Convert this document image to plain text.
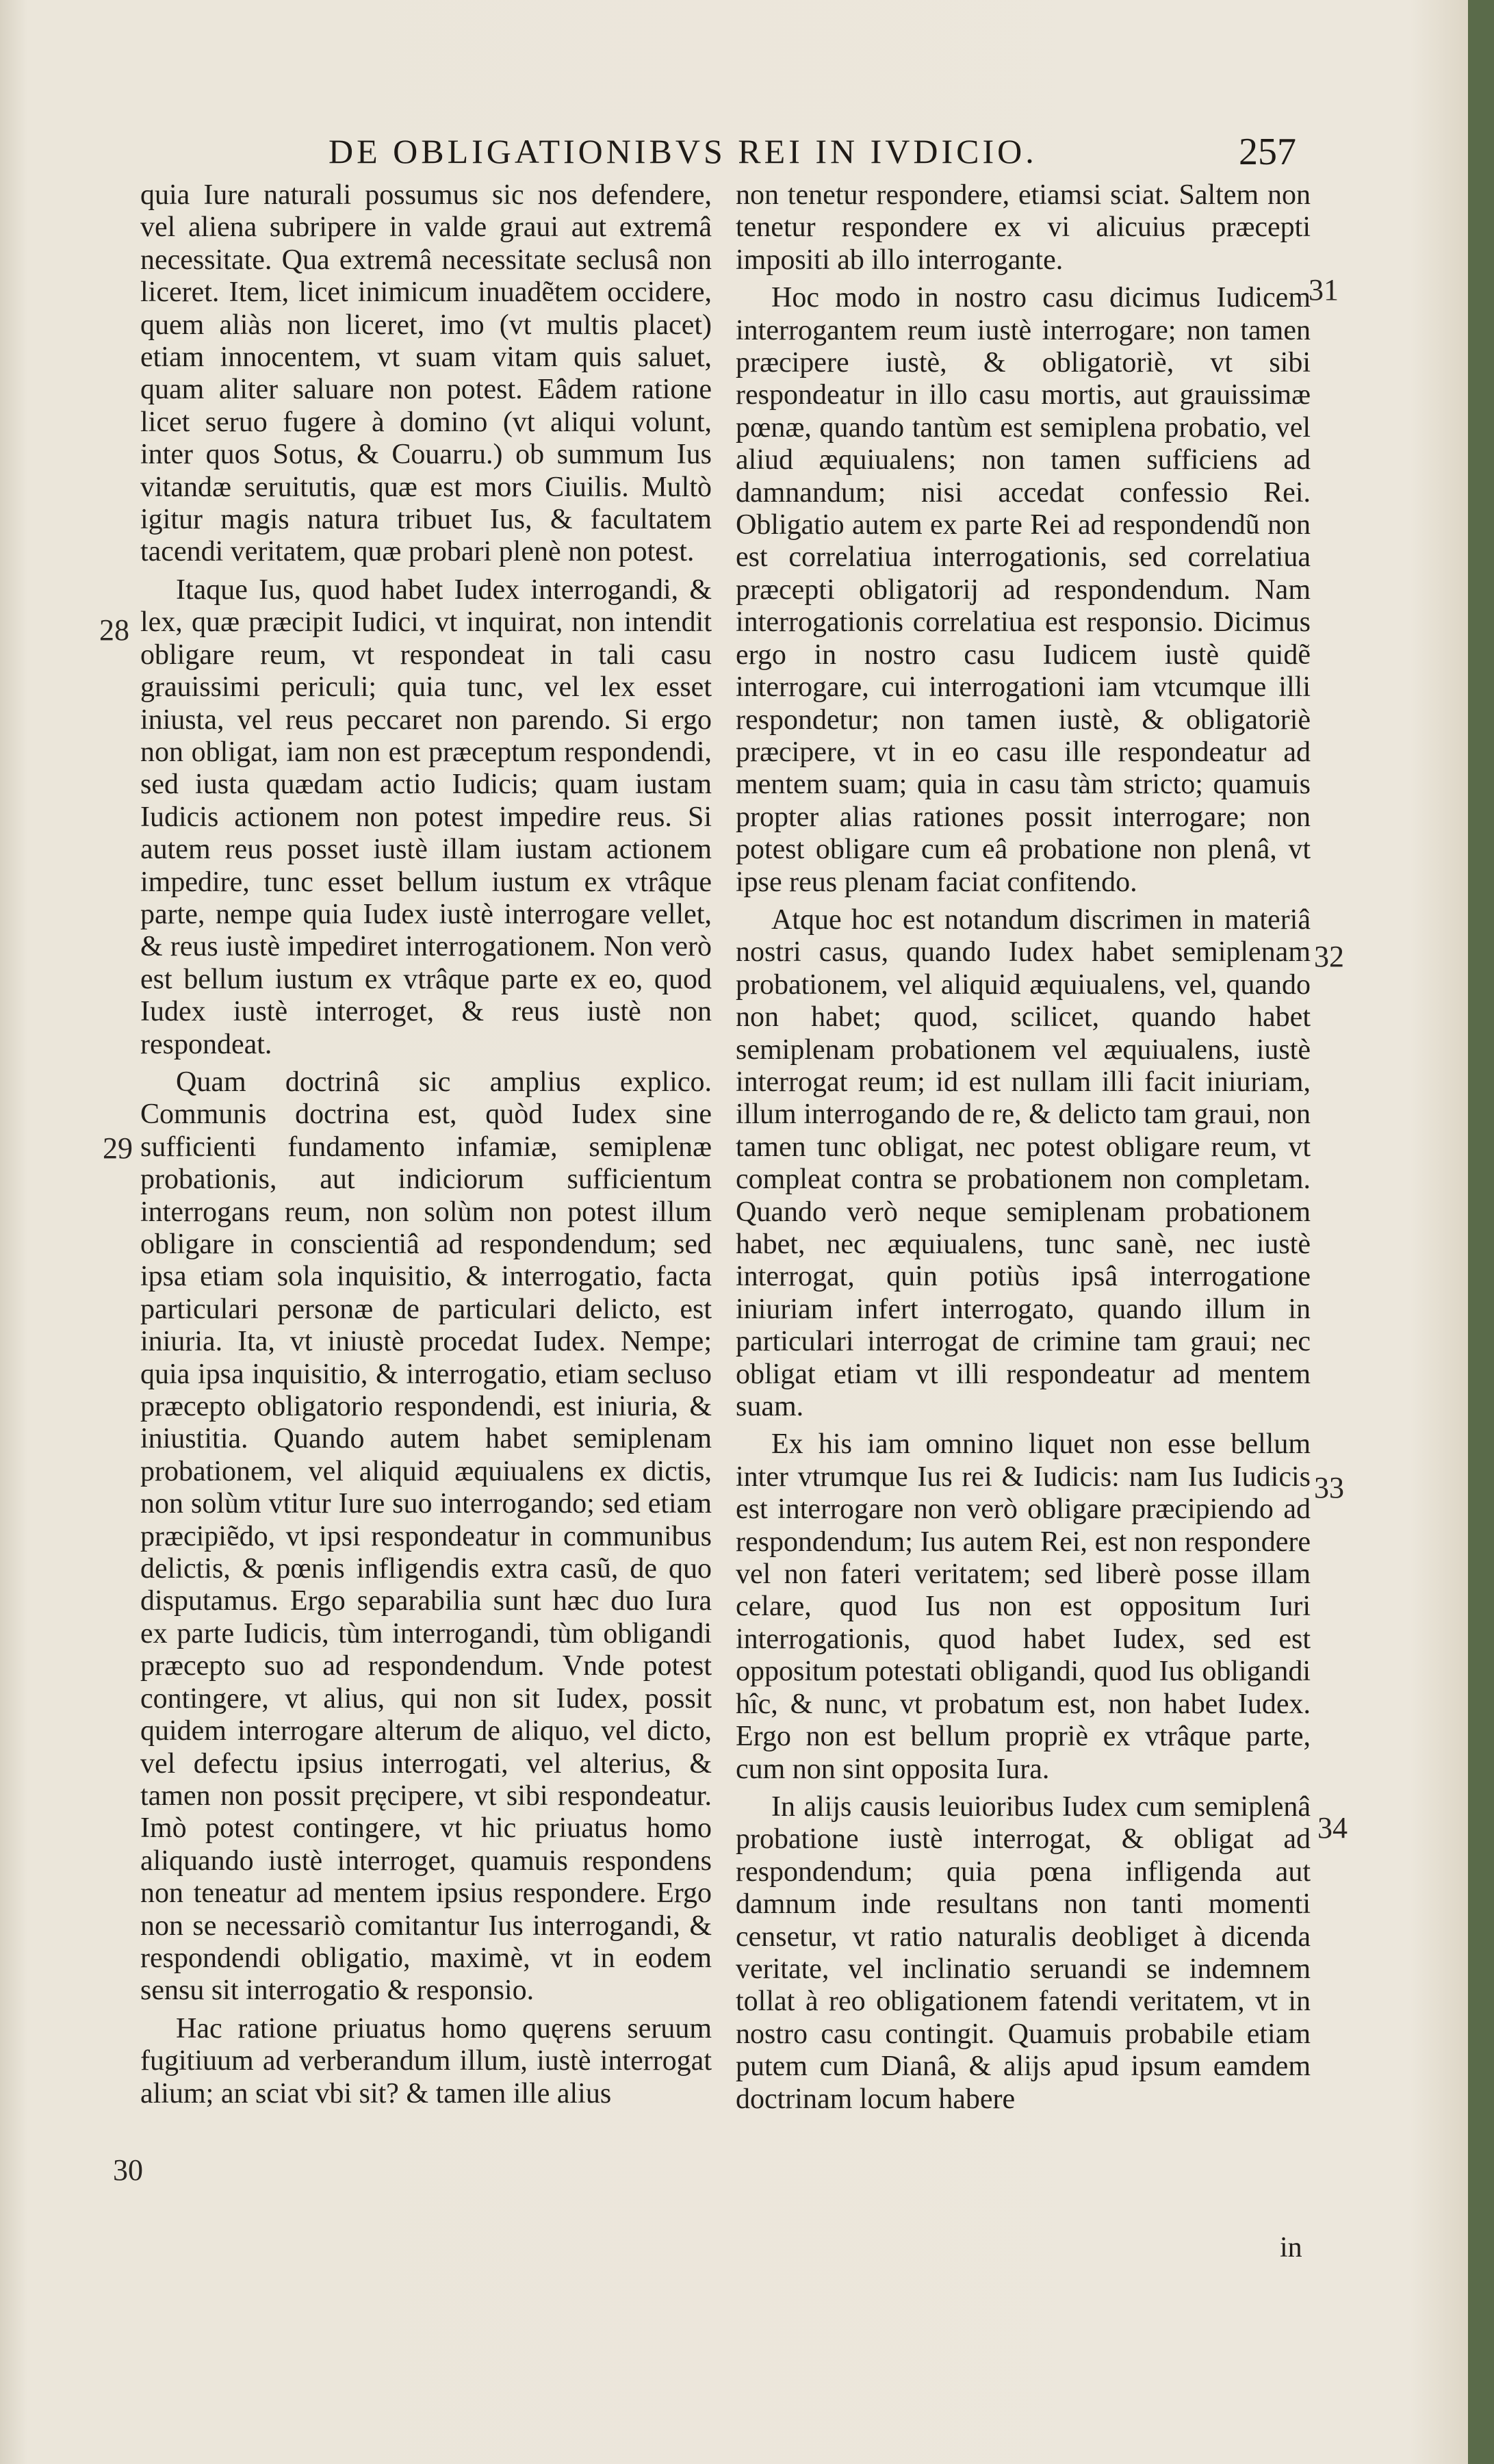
DE OBLIGATIONIBVS REI IN IVDICIO.	257
28
29
30
31
32
33
34

quia Iure naturali possumus sic nos defendere, vel aliena subripere in valde graui aut extremâ necessitate. Qua extremâ necessitate seclusâ non liceret. Item, licet inimicum inuadẽtem occidere, quem aliàs non liceret, imo (vt multis placet) etiam innocentem, vt suam vitam quis saluet, quam aliter saluare non potest. Eâdem ratione licet seruo fugere à domino (vt aliqui volunt, inter quos Sotus, & Couarru.) ob summum Ius vitandæ seruitutis, quæ est mors Ciuilis. Multò igitur magis natura tribuet Ius, & facultatem tacendi veritatem, quæ probari plenè non potest.

Itaque Ius, quod habet Iudex interrogandi, & lex, quæ præcipit Iudici, vt inquirat, non intendit obligare reum, vt respondeat in tali casu grauissimi periculi; quia tunc, vel lex esset iniusta, vel reus peccaret non parendo. Si ergo non obligat, iam non est præceptum respondendi, sed iusta quædam actio Iudicis; quam iustam Iudicis actionem non potest impedire reus. Si autem reus posset iustè illam iustam actionem impedire, tunc esset bellum iustum ex vtrâque parte, nempe quia Iudex iustè interrogare vellet, & reus iustè impediret interrogationem. Non verò est bellum iustum ex vtrâque parte ex eo, quod Iudex iustè interroget, & reus iustè non respondeat.

Quam doctrinâ sic amplius explico. Communis doctrina est, quòd Iudex sine sufficienti fundamento infamiæ, semiplenæ probationis, aut indiciorum sufficientum interrogans reum, non solùm non potest illum obligare in conscientiâ ad respondendum; sed ipsa etiam sola inquisitio, & interrogatio, facta particulari personæ de particulari delicto, est iniuria. Ita, vt iniustè procedat Iudex. Nempe; quia ipsa inquisitio, & interrogatio, etiam secluso præcepto obligatorio respondendi, est iniuria, & iniustitia. Quando autem habet semiplenam probationem, vel aliquid æquiualens ex dictis, non solùm vtitur Iure suo interrogando; sed etiam præcipiẽdo, vt ipsi respondeatur in communibus delictis, & pœnis infligendis extra casũ, de quo disputamus. Ergo separabilia sunt hæc duo Iura ex parte Iudicis, tùm interrogandi, tùm obligandi præcepto suo ad respondendum. Vnde potest contingere, vt alius, qui non sit Iudex, possit quidem interrogare alterum de aliquo, vel dicto, vel defectu ipsius interrogati, vel alterius, & tamen non possit pręcipere, vt sibi respondeatur. Imò potest contingere, vt hic priuatus homo aliquando iustè interroget, quamuis respondens non teneatur ad mentem ipsius respondere. Ergo non se necessariò comitantur Ius interrogandi, & respondendi obligatio, maximè, vt in eodem sensu sit interrogatio & responsio.

Hac ratione priuatus homo quęrens seruum fugitiuum ad verberandum illum, iustè interrogat alium; an sciat vbi sit? & tamen ille alius

non tenetur respondere, etiamsi sciat. Saltem non tenetur respondere ex vi alicuius præcepti impositi ab illo interrogante.

Hoc modo in nostro casu dicimus Iudicem interrogantem reum iustè interrogare; non tamen præcipere iustè, & obligatoriè, vt sibi respondeatur in illo casu mortis, aut grauissimæ pœnæ, quando tantùm est semiplena probatio, vel aliud æquiualens; non tamen sufficiens ad damnandum; nisi accedat confessio Rei. Obligatio autem ex parte Rei ad respondendũ non est correlatiua interrogationis, sed correlatiua præcepti obligatorij ad respondendum. Nam interrogationis correlatiua est responsio. Dicimus ergo in nostro casu Iudicem iustè quidẽ interrogare, cui interrogationi iam vtcumque illi respondetur; non tamen iustè, & obligatoriè præcipere, vt in eo casu ille respondeatur ad mentem suam; quia in casu tàm stricto; quamuis propter alias rationes possit interrogare; non potest obligare cum eâ probatione non plenâ, vt ipse reus plenam faciat confitendo.

Atque hoc est notandum discrimen in materiâ nostri casus, quando Iudex habet semiplenam probationem, vel aliquid æquiualens, vel, quando non habet; quod, scilicet, quando habet semiplenam probationem vel æquiualens, iustè interrogat reum; id est nullam illi facit iniuriam, illum interrogando de re, & delicto tam graui, non tamen tunc obligat, nec potest obligare reum, vt compleat contra se probationem non completam. Quando verò neque semiplenam probationem habet, nec æquiualens, tunc sanè, nec iustè interrogat, quin potiùs ipsâ interrogatione iniuriam infert interrogato, quando illum in particulari interrogat de crimine tam graui; nec obligat etiam vt illi respondeatur ad mentem suam.

Ex his iam omnino liquet non esse bellum inter vtrumque Ius rei & Iudicis: nam Ius Iudicis est interrogare non verò obligare præcipiendo ad respondendum; Ius autem Rei, est non respondere vel non fateri veritatem; sed liberè posse illam celare, quod Ius non est oppositum Iuri interrogationis, quod habet Iudex, sed est oppositum potestati obligandi, quod Ius obligandi hîc, & nunc, vt probatum est, non habet Iudex. Ergo non est bellum propriè ex vtrâque parte, cum non sint opposita Iura.

In alijs causis leuioribus Iudex cum semiplenâ probatione iustè interrogat, & obligat ad respondendum; quia pœna infligenda aut damnum inde resultans non tanti momenti censetur, vt ratio naturalis deobliget à dicenda veritate, vel inclinatio seruandi se indemnem tollat à reo obligationem fatendi veritatem, vt in nostro casu contingit. Quamuis probabile etiam putem cum Dianâ, & alijs apud ipsum eamdem doctrinam locum habere

in
